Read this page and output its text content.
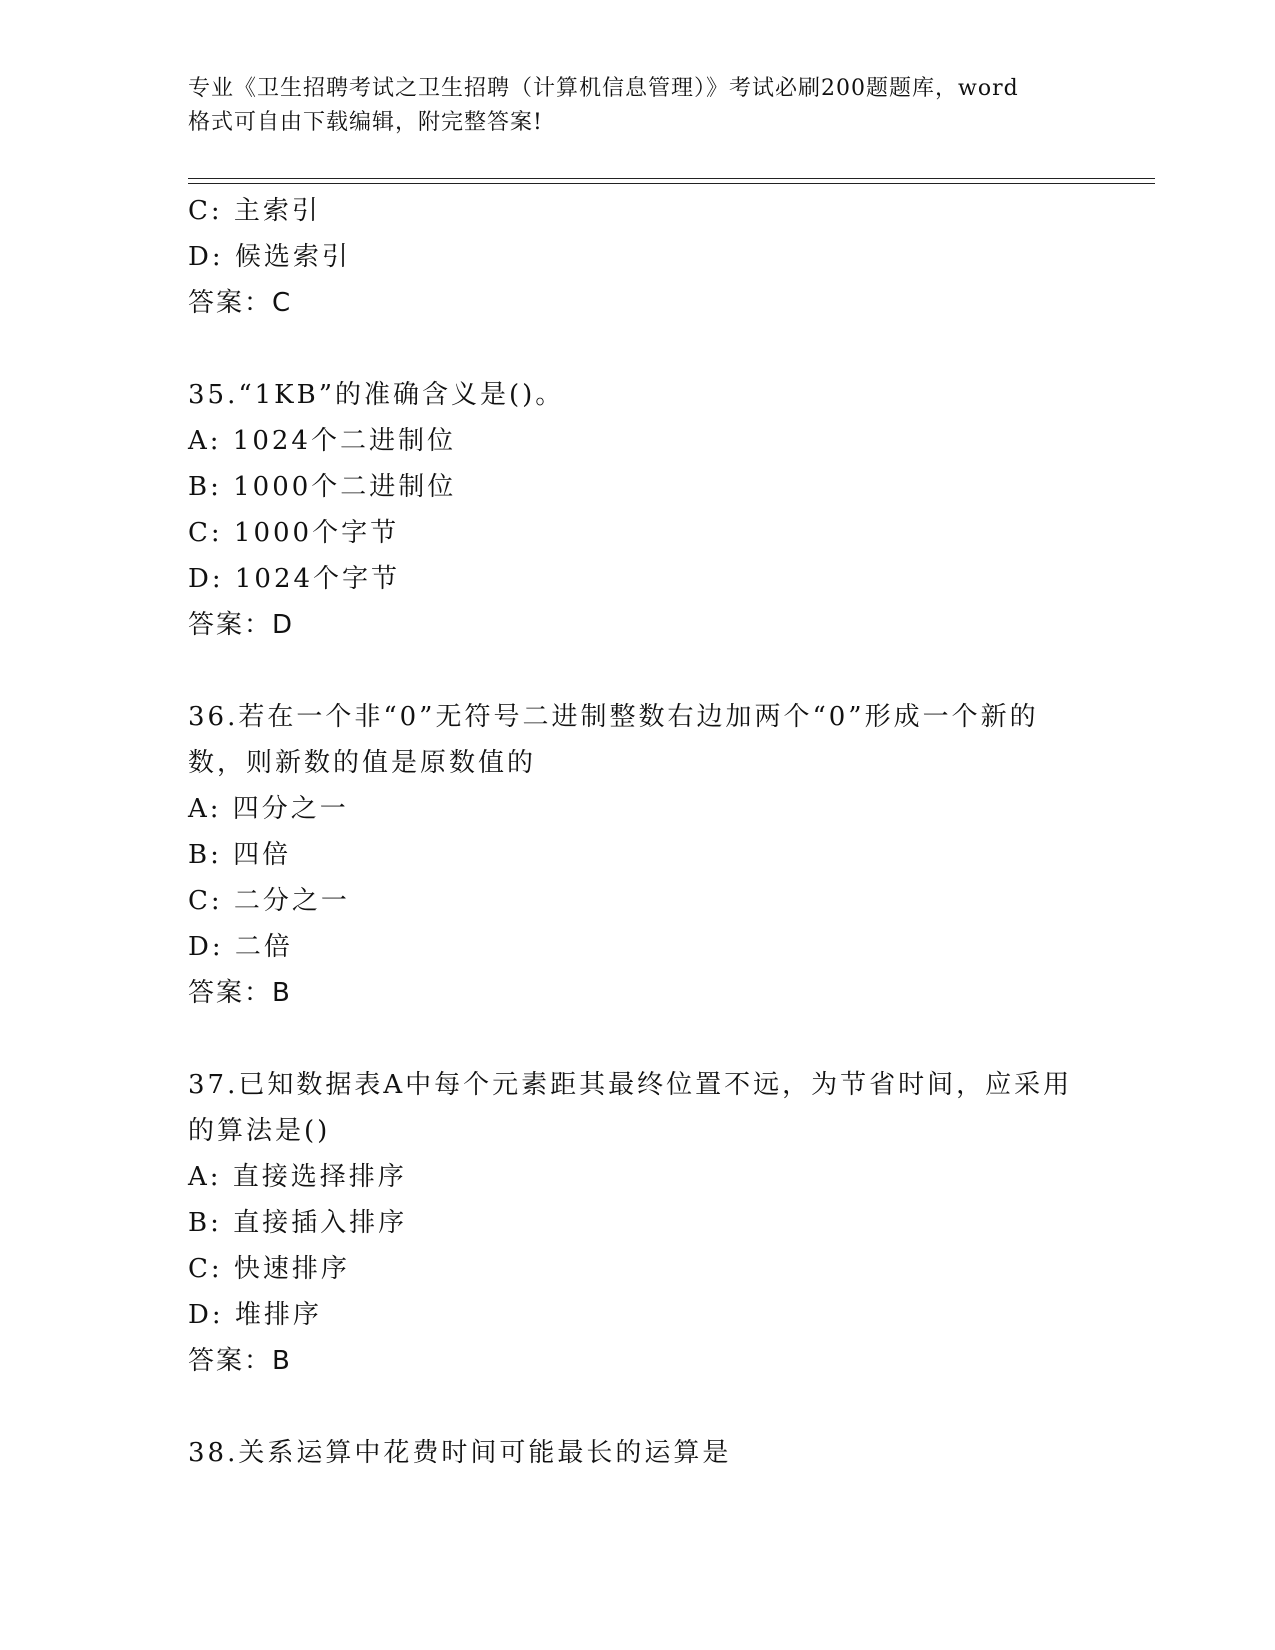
专业《卫生招聘考试之卫生招聘（计算机信息管理）》考试必刷200题题库，word
格式可自由下载编辑，附完整答案!
C: 主索引
D: 候选索引
答案：C
35.“1KB”的准确含义是()。
A: 1024个二进制位
B: 1000个二进制位
C: 1000个字节
D: 1024个字节
答案：D
36.若在一个非“0”无符号二进制整数右边加两个“0”形成一个新的
数，则新数的值是原数值的
A: 四分之一
B: 四倍
C: 二分之一
D: 二倍
答案：B
37.已知数据表A中每个元素距其最终位置不远，为节省时间，应采用
的算法是()
A: 直接选择排序
B: 直接插入排序
C: 快速排序
D: 堆排序
答案：B
38.关系运算中花费时间可能最长的运算是
